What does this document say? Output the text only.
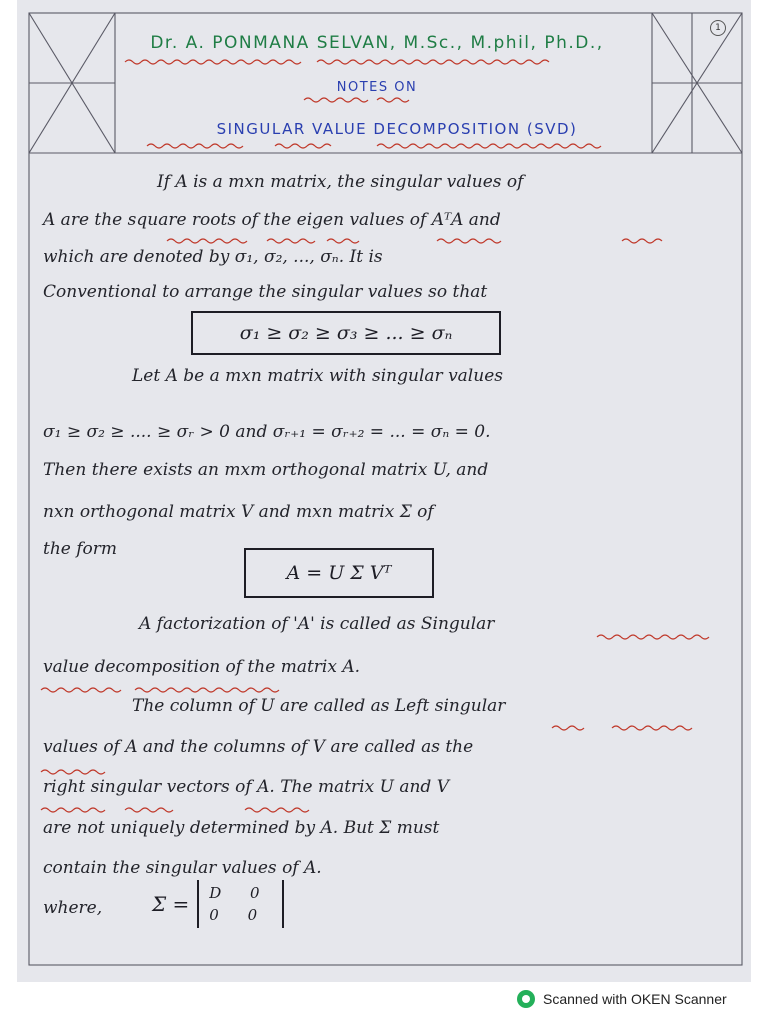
1
Dr. A. PONMANA SELVAN, M.Sc., M.phil, Ph.D.,
NOTES ON
SINGULAR VALUE DECOMPOSITION (SVD)
If A is a mxn matrix, the singular values of
A are the square roots of the eigen values of AᵀA and
which are denoted by σ₁, σ₂, ..., σₙ. It is
Conventional to arrange the singular values so that
σ₁ ≥ σ₂ ≥ σ₃ ≥ ... ≥ σₙ
Let A be a mxn matrix with singular values
σ₁ ≥ σ₂ ≥ .... ≥ σᵣ > 0 and σᵣ₊₁ = σᵣ₊₂ = ... = σₙ = 0.
Then there exists an mxm orthogonal matrix U, and
nxn orthogonal matrix V and mxn matrix Σ of
the form
A = U Σ Vᵀ
A factorization of 'A' is called as Singular
value decomposition of the matrix A.
The column of U are called as Left singular
values of A and the columns of V are called as the
right singular vectors of A. The matrix U and V
are not uniquely determined by A. But Σ must
contain the singular values of A.
where, Σ = D 0
0 0
Scanned with OKEN Scanner
